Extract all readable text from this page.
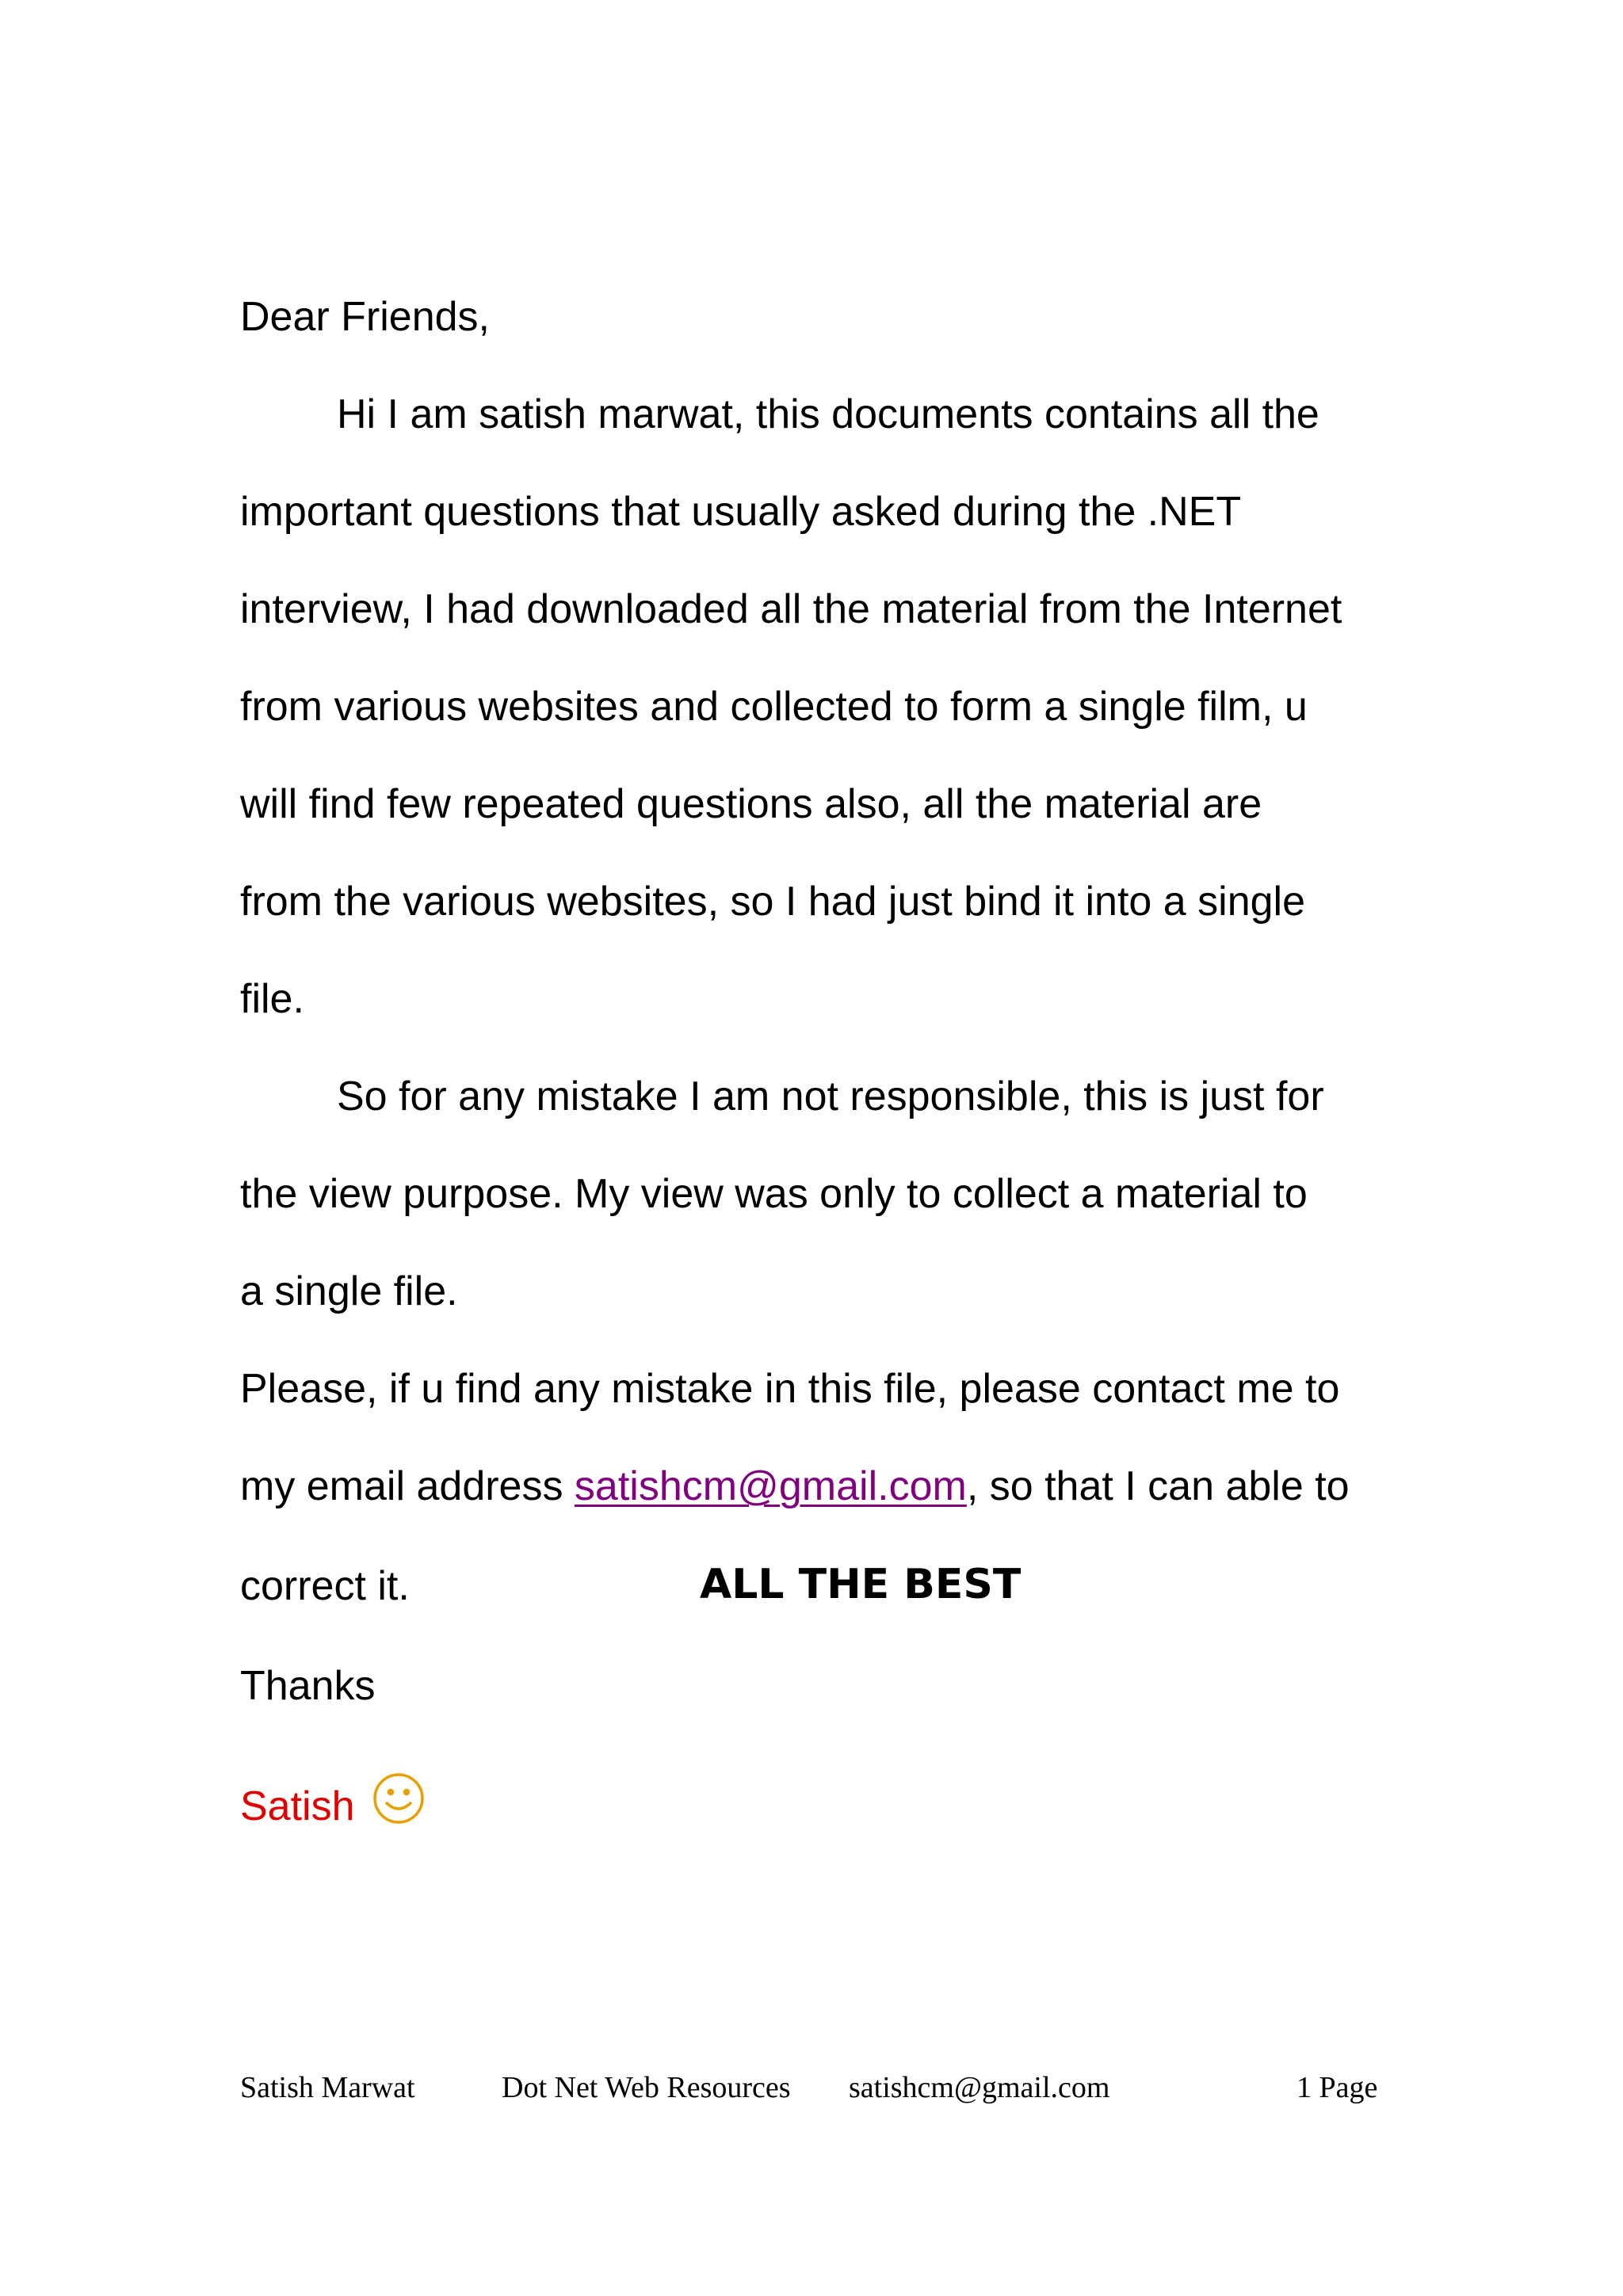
Dear Friends,
Hi I am satish marwat, this documents contains all the
important questions that usually asked during the .NET
interview, I had downloaded all the material from the Internet
from various websites and collected to form a single film, u
will find few repeated questions also, all the material are
from the various websites, so I had just bind it into a single
file.
So for any mistake I am not responsible, this is just for
the view purpose. My view was only to collect a material to
a single file.
Please, if u find any mistake in this file, please contact me to
my email address satishcm@gmail.com, so that I can able to
correct it.	ALL THE BEST
Thanks
Satish
Satish Marwat	Dot Net Web Resources satishcm@gmail.com	1 Page
